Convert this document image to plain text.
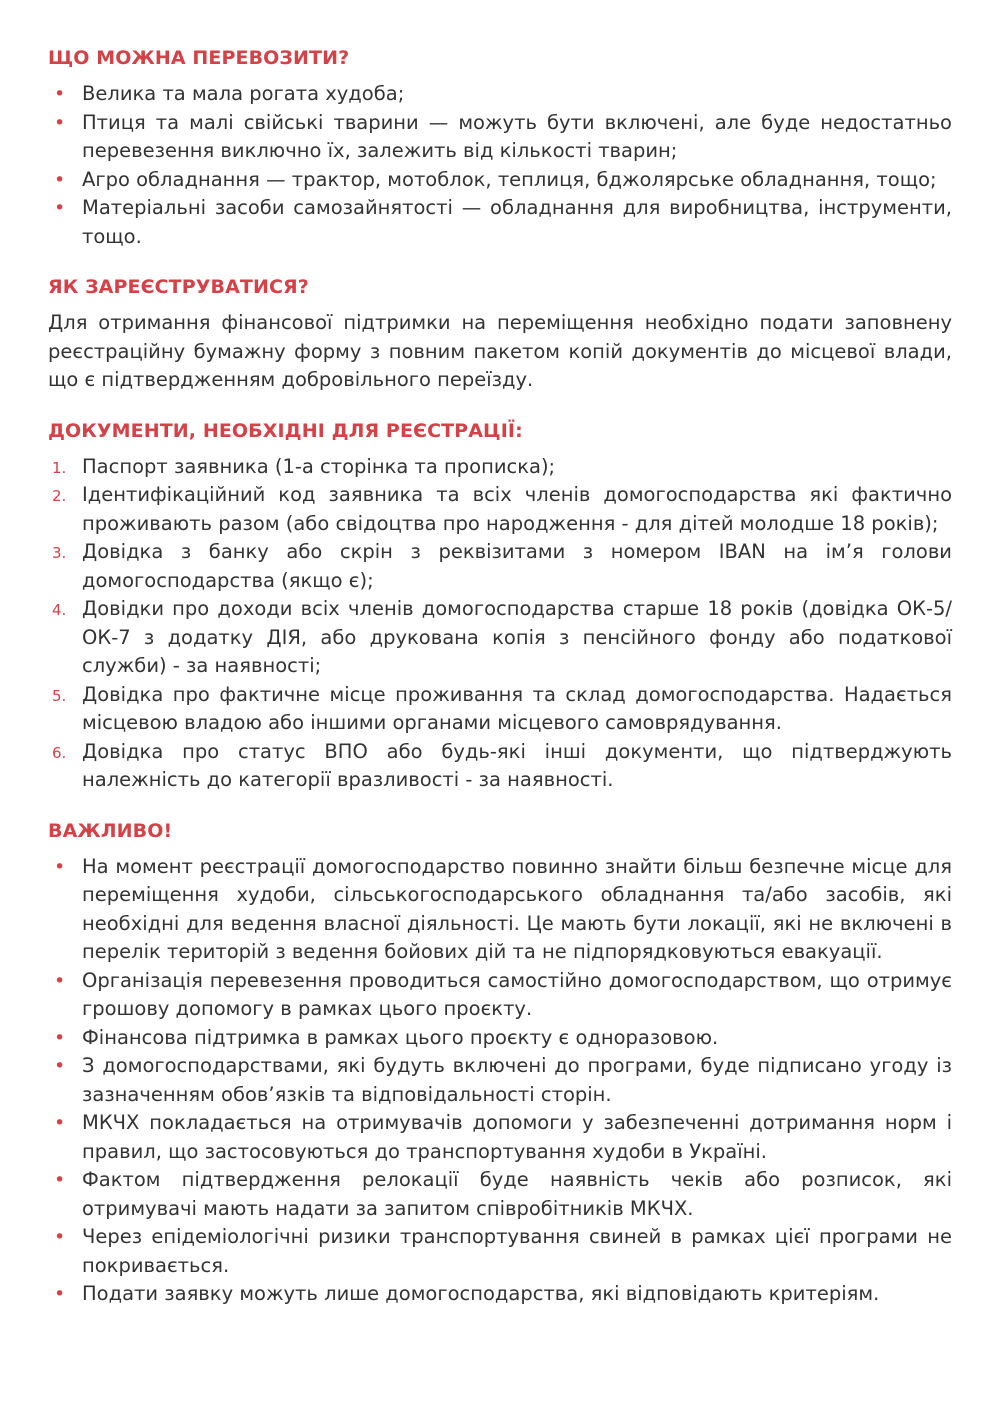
ЩО МОЖНА ПЕРЕВОЗИТИ?
• Велика та мала рогата худоба;
• Птиця та малі свійські тварини — можуть бути включені, але буде недостатньо перевезення виключно їх, залежить від кількості тварин;
• Агро обладнання — трактор, мотоблок, теплиця, бджолярське обладнання, тощо;
• Матеріальні засоби самозайнятості — обладнання для виробництва, інструменти, тощо.
ЯК ЗАРЕЄСТРУВАТИСЯ?

Для отримання фінансової підтримки на переміщення необхідно подати заповнену реєстраційну бумажну форму з повним пакетом копій документів до місцевої влади, що є підтвердженням добровільного переїзду.

ДОКУМЕНТИ, НЕОБХІДНІ ДЛЯ РЕЄСТРАЦІЇ:
1. Паспорт заявника (1-а сторінка та прописка);
2. Ідентифікаційний код заявника та всіх членів домогосподарства які фактично проживають разом (або свідоцтва про народження - для дітей молодше 18 років);
3. Довідка з банку або скрін з реквізитами з номером IBAN на ім’я голови домогосподарства (якщо є);
4. Довідки про доходи всіх членів домогосподарства старше 18 років (довідка ОК-5/ОК-7 з додатку ДІЯ, або друкована копія з пенсійного фонду або податкової служби) - за наявності;
5. Довідка про фактичне місце проживання та склад домогосподарства. Надається місцевою владою або іншими органами місцевого самоврядування.
6. Довідка про статус ВПО або будь-які інші документи, що підтверджують належність до категорії вразливості - за наявності.
ВАЖЛИВО!
• На момент реєстрації домогосподарство повинно знайти більш безпечне місце для переміщення худоби, сільськогосподарського обладнання та/або засобів, які необхідні для ведення власної діяльності. Це мають бути локації, які не включені в перелік територій з ведення бойових дій та не підпорядковуються евакуації.
• Організація перевезення проводиться самостійно домогосподарством, що отримує грошову допомогу в рамках цього проєкту.
• Фінансова підтримка в рамках цього проєкту є одноразовою.
• З домогосподарствами, які будуть включені до програми, буде підписано угоду із зазначенням обов’язків та відповідальності сторін.
• МКЧХ покладається на отримувачів допомоги у забезпеченні дотримання норм і правил, що застосовуються до транспортування худоби в Україні.
• Фактом підтвердження релокації буде наявність чеків або розписок, які отримувачі мають надати за запитом співробітників МКЧХ.
• Через епідеміологічні ризики транспортування свиней в рамках цієї програми не покривається.
• Подати заявку можуть лише домогосподарства, які відповідають критеріям.
